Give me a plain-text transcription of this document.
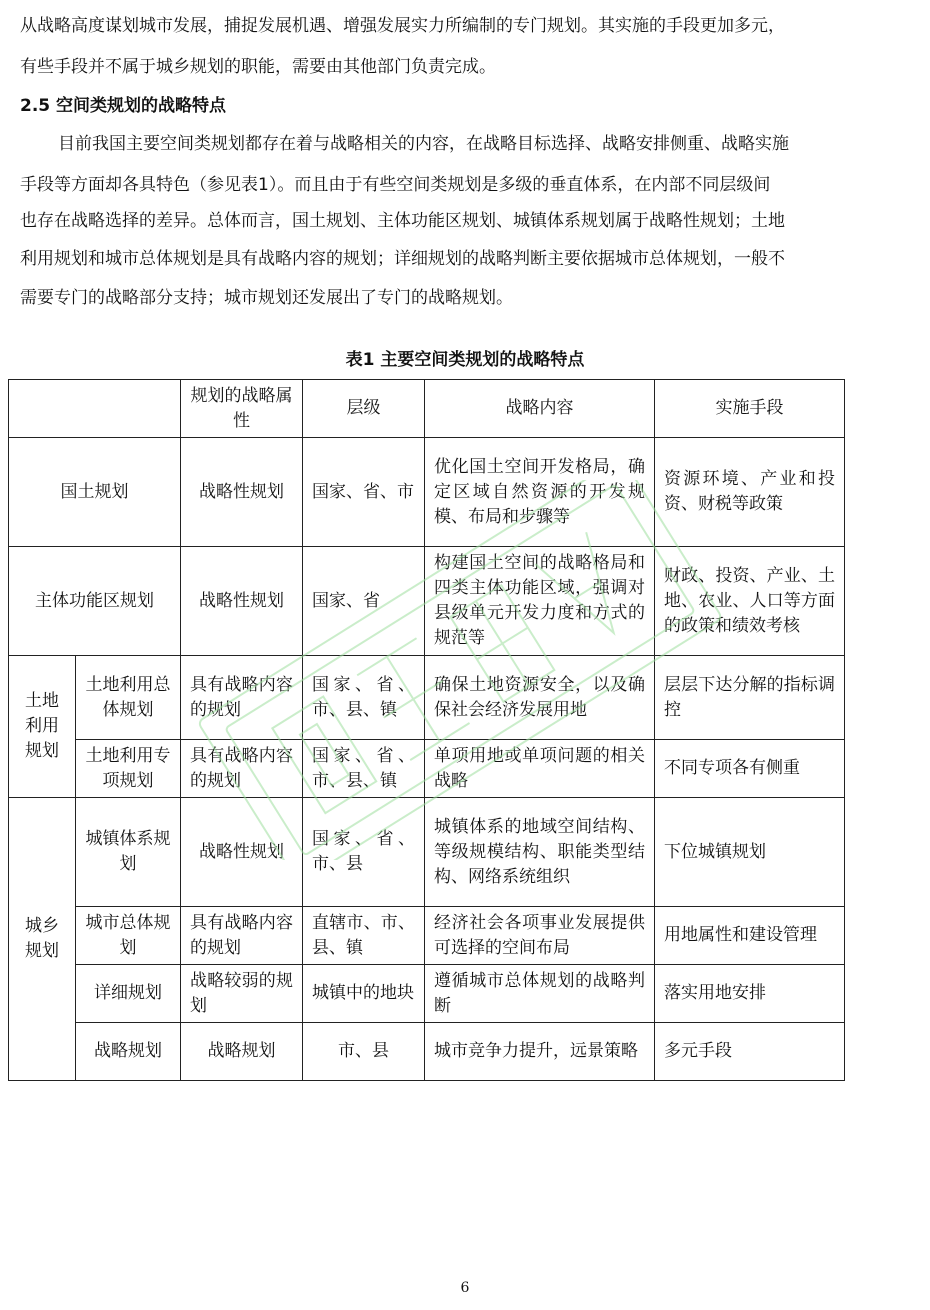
从战略高度谋划城市发展，捕捉发展机遇、增强发展实力所编制的专门规划。其实施的手段更加多元，
有些手段并不属于城乡规划的职能，需要由其他部门负责完成。
2.5 空间类规划的战略特点
目前我国主要空间类规划都存在着与战略相关的内容，在战略目标选择、战略安排侧重、战略实施
手段等方面却各具特色（参见表1）。而且由于有些空间类规划是多级的垂直体系，在内部不同层级间
也存在战略选择的差异。总体而言，国土规划、主体功能区规划、城镇体系规划属于战略性规划；土地
利用规划和城市总体规划是具有战略内容的规划；详细规划的战略判断主要依据城市总体规划，一般不
需要专门的战略部分支持；城市规划还发展出了专门的战略规划。
表1 主要空间类规划的战略特点
		规划的战略属性	层级	战略内容	实施手段
国土规划		战略性规划	国家、省、市	优化国土空间开发格局，确定区域自然资源的开发规模、布局和步骤等	资源环境、产业和投资、财税等政策
主体功能区规划		战略性规划	国家、省	构建国土空间的战略格局和四类主体功能区域，强调对县级单元开发力度和方式的规范等	财政、投资、产业、土地、农业、人口等方面的政策和绩效考核
土地利用规划	土地利用总体规划	具有战略内容的规划	国家、省、市、县、镇	确保土地资源安全，以及确保社会经济发展用地	层层下达分解的指标调控
	土地利用专项规划	具有战略内容的规划	国家、省、市、县、镇	单项用地或单项问题的相关战略	不同专项各有侧重
城乡规划	城镇体系规划	战略性规划	国家、省、市、县	城镇体系的地域空间结构、等级规模结构、职能类型结构、网络系统组织	下位城镇规划
	城市总体规划	具有战略内容的规划	直辖市、市、县、镇	经济社会各项事业发展提供可选择的空间布局	用地属性和建设管理
	详细规划	战略较弱的规划	城镇中的地块	遵循城市总体规划的战略判断	落实用地安排
	战略规划	战略规划	市、县	城市竞争力提升，远景策略	多元手段
6
